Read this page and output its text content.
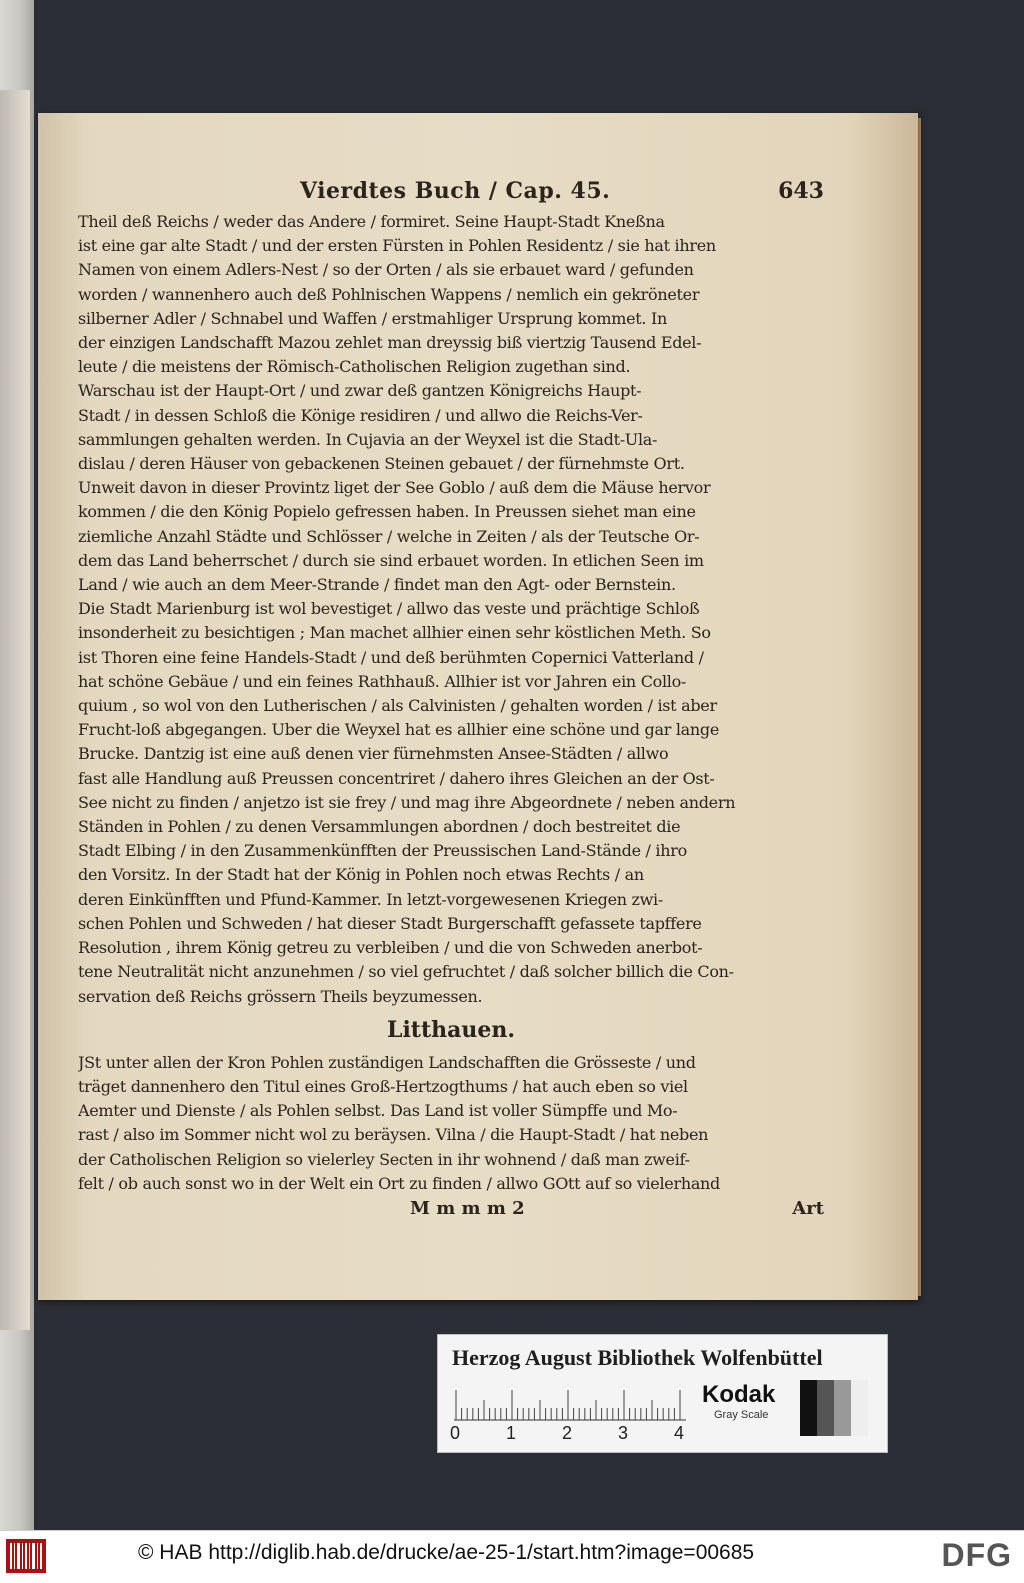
Vierdtes Buch / Cap. 45.	643

Theil deß Reichs / weder das Andere / formiret. Seine Haupt-Stadt Kneßna
ist eine gar alte Stadt / und der ersten Fürsten in Pohlen Residentz / sie hat ihren
Namen von einem Adlers-Nest / so der Orten / als sie erbauet ward / gefunden
worden / wannenhero auch deß Pohlnischen Wappens / nemlich ein gekröneter
silberner Adler / Schnabel und Waffen / erstmahliger Ursprung kommet. In
der einzigen Landschafft Mazou zehlet man dreyssig biß viertzig Tausend Edel-
leute / die meistens der Römisch-Catholischen Religion zugethan sind.

Warschau ist der Haupt-Ort / und zwar deß gantzen Königreichs Haupt-
Stadt / in dessen Schloß die Könige residiren / und allwo die Reichs-Ver-
sammlungen gehalten werden. In Cujavia an der Weyxel ist die Stadt-Ula-
dislau / deren Häuser von gebackenen Steinen gebauet / der fürnehmste Ort.
Unweit davon in dieser Provintz liget der See Goblo / auß dem die Mäuse hervor
kommen / die den König Popielo gefressen haben. In Preussen siehet man eine
ziemliche Anzahl Städte und Schlösser / welche in Zeiten / als der Teutsche Or-
dem das Land beherrschet / durch sie sind erbauet worden. In etlichen Seen im
Land / wie auch an dem Meer-Strande / findet man den Agt- oder Bernstein.
Die Stadt Marienburg ist wol bevestiget / allwo das veste und prächtige Schloß
insonderheit zu besichtigen ; Man machet allhier einen sehr köstlichen Meth. So
ist Thoren eine feine Handels-Stadt / und deß berühmten Copernici Vatterland /
hat schöne Gebäue / und ein feines Rathhauß. Allhier ist vor Jahren ein Collo-
quium , so wol von den Lutherischen / als Calvinisten / gehalten worden / ist aber
Frucht-loß abgegangen. Uber die Weyxel hat es allhier eine schöne und gar lange
Brucke. Dantzig ist eine auß denen vier fürnehmsten Ansee-Städten / allwo
fast alle Handlung auß Preussen concentriret / dahero ihres Gleichen an der Ost-
See nicht zu finden / anjetzo ist sie frey / und mag ihre Abgeordnete / neben andern
Ständen in Pohlen / zu denen Versammlungen abordnen / doch bestreitet die
Stadt Elbing / in den Zusammenkünfften der Preussischen Land-Stände / ihro
den Vorsitz. In der Stadt hat der König in Pohlen noch etwas Rechts / an
deren Einkünfften und Pfund-Kammer. In letzt-vorgewesenen Kriegen zwi-
schen Pohlen und Schweden / hat dieser Stadt Burgerschafft gefassete tapffere
Resolution , ihrem König getreu zu verbleiben / und die von Schweden anerbot-
tene Neutralität nicht anzunehmen / so viel gefruchtet / daß solcher billich die Con-
servation deß Reichs grössern Theils beyzumessen.

Litthauen.

JSt unter allen der Kron Pohlen zuständigen Landschafften die Grösseste / und
träget dannenhero den Titul eines Groß-Hertzogthums / hat auch eben so viel
Aemter und Dienste / als Pohlen selbst. Das Land ist voller Sümpffe und Mo-
rast / also im Sommer nicht wol zu beräysen. Vilna / die Haupt-Stadt / hat neben
der Catholischen Religion so vielerley Secten in ihr wohnend / daß man zweif-
felt / ob auch sonst wo in der Welt ein Ort zu finden / allwo GOtt auf so vielerhand

M m m m 2	Art
Herzog August Bibliothek Wolfenbüttel
0	1	2	3	4
Kodak
Gray Scale
© HAB http://diglib.hab.de/drucke/ae-25-1/start.htm?image=00685	DFG
